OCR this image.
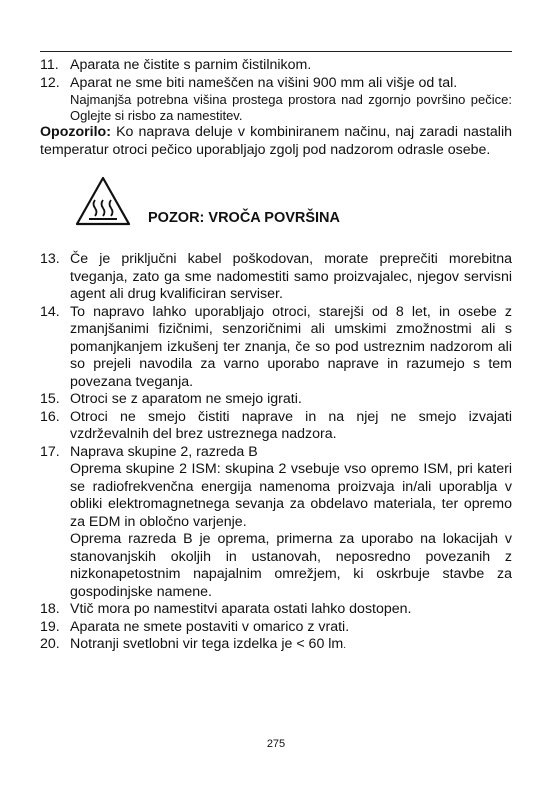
11. Aparata ne čistite s parnim čistilnikom.
12. Aparat ne sme biti nameščen na višini 900 mm ali višje od tal.
Najmanjša potrebna višina prostega prostora nad zgornjo površino pečice: Oglejte si risbo za namestitev.
Opozorilo: Ko naprava deluje v kombiniranem načinu, naj zaradi nastalih temperatur otroci pečico uporabljajo zgolj pod nadzorom odrasle osebe.
POZOR: VROČA POVRŠINA
13. Če je priključni kabel poškodovan, morate preprečiti morebitna tveganja, zato ga sme nadomestiti samo proizvajalec, njegov servisni agent ali drug kvalificiran serviser.
14. To napravo lahko uporabljajo otroci, starejši od 8 let, in osebe z zmanjšanimi fizičnimi, senzoričnimi ali umskimi zmožnostmi ali s pomanjkanjem izkušenj ter znanja, če so pod ustreznim nadzorom ali so prejeli navodila za varno uporabo naprave in razumejo s tem povezana tveganja.
15. Otroci se z aparatom ne smejo igrati.
16. Otroci ne smejo čistiti naprave in na njej ne smejo izvajati vzdrževalnih del brez ustreznega nadzora.
17. Naprava skupine 2, razreda B
Oprema skupine 2 ISM: skupina 2 vsebuje vso opremo ISM, pri kateri se radiofrekvenčna energija namenoma proizvaja in/ali uporablja v obliki elektromagnetnega sevanja za obdelavo materiala, ter opremo za EDM in obločno varjenje.
Oprema razreda B je oprema, primerna za uporabo na lokacijah v stanovanjskih okoljih in ustanovah, neposredno povezanih z nizkonapetostnim napajalnim omrežjem, ki oskrbuje stavbe za gospodinjske namene.
18. Vtič mora po namestitvi aparata ostati lahko dostopen.
19. Aparata ne smete postaviti v omarico z vrati.
20. Notranji svetlobni vir tega izdelka je < 60 lm.
275
